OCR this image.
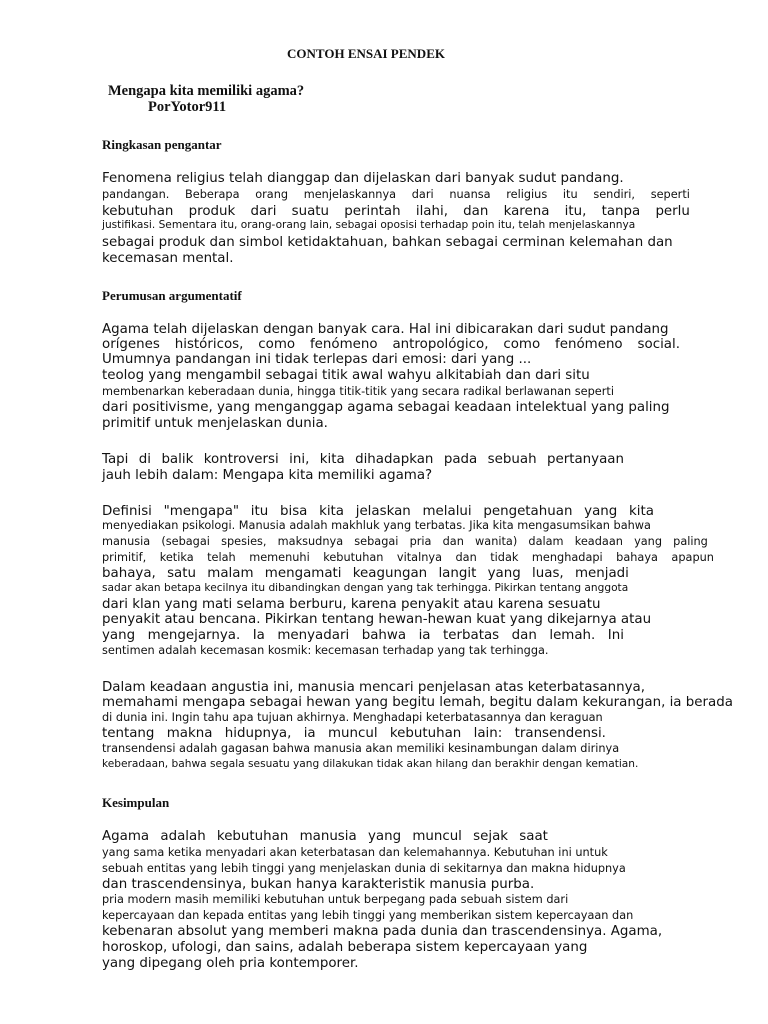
CONTOH ENSAI PENDEK
Mengapa kita memiliki agama?
PorYotor911
Ringkasan pengantar
Fenomena religius telah dianggap dan dijelaskan dari banyak sudut pandang.
pandangan. Beberapa orang menjelaskannya dari nuansa religius itu sendiri, seperti
kebutuhan produk dari suatu perintah ilahi, dan karena itu, tanpa perlu
justifikasi. Sementara itu, orang-orang lain, sebagai oposisi terhadap poin itu, telah menjelaskannya
sebagai produk dan simbol ketidaktahuan, bahkan sebagai cerminan kelemahan dan
kecemasan mental.
Perumusan argumentatif
Agama telah dijelaskan dengan banyak cara. Hal ini dibicarakan dari sudut pandang
orígenes históricos, como fenómeno antropológico, como fenómeno social.
Umumnya pandangan ini tidak terlepas dari emosi: dari yang ...
teolog yang mengambil sebagai titik awal wahyu alkitabiah dan dari situ
membenarkan keberadaan dunia, hingga titik-titik yang secara radikal berlawanan seperti
dari positivisme, yang menganggap agama sebagai keadaan intelektual yang paling
primitif untuk menjelaskan dunia.
Tapi di balik kontroversi ini, kita dihadapkan pada sebuah pertanyaan
jauh lebih dalam: Mengapa kita memiliki agama?
Definisi "mengapa" itu bisa kita jelaskan melalui pengetahuan yang kita
menyediakan psikologi. Manusia adalah makhluk yang terbatas. Jika kita mengasumsikan bahwa
manusia (sebagai spesies, maksudnya sebagai pria dan wanita) dalam keadaan yang paling
primitif, ketika telah memenuhi kebutuhan vitalnya dan tidak menghadapi bahaya apapun
bahaya, satu malam mengamati keagungan langit yang luas, menjadi
sadar akan betapa kecilnya itu dibandingkan dengan yang tak terhingga. Pikirkan tentang anggota
dari klan yang mati selama berburu, karena penyakit atau karena sesuatu
penyakit atau bencana. Pikirkan tentang hewan-hewan kuat yang dikejarnya atau
yang mengejarnya. Ia menyadari bahwa ia terbatas dan lemah. Ini
sentimen adalah kecemasan kosmik: kecemasan terhadap yang tak terhingga.
Dalam keadaan angustia ini, manusia mencari penjelasan atas keterbatasannya,
memahami mengapa sebagai hewan yang begitu lemah, begitu dalam kekurangan, ia berada
di dunia ini. Ingin tahu apa tujuan akhirnya. Menghadapi keterbatasannya dan keraguan
tentang makna hidupnya, ia muncul kebutuhan lain: transendensi.
transendensi adalah gagasan bahwa manusia akan memiliki kesinambungan dalam dirinya
keberadaan, bahwa segala sesuatu yang dilakukan tidak akan hilang dan berakhir dengan kematian.
Kesimpulan
Agama adalah kebutuhan manusia yang muncul sejak saat
yang sama ketika menyadari akan keterbatasan dan kelemahannya. Kebutuhan ini untuk
sebuah entitas yang lebih tinggi yang menjelaskan dunia di sekitarnya dan makna hidupnya
dan trascendensinya, bukan hanya karakteristik manusia purba.
pria modern masih memiliki kebutuhan untuk berpegang pada sebuah sistem dari
kepercayaan dan kepada entitas yang lebih tinggi yang memberikan sistem kepercayaan dan
kebenaran absolut yang memberi makna pada dunia dan trascendensinya. Agama,
horoskop, ufologi, dan sains, adalah beberapa sistem kepercayaan yang
yang dipegang oleh pria kontemporer.
